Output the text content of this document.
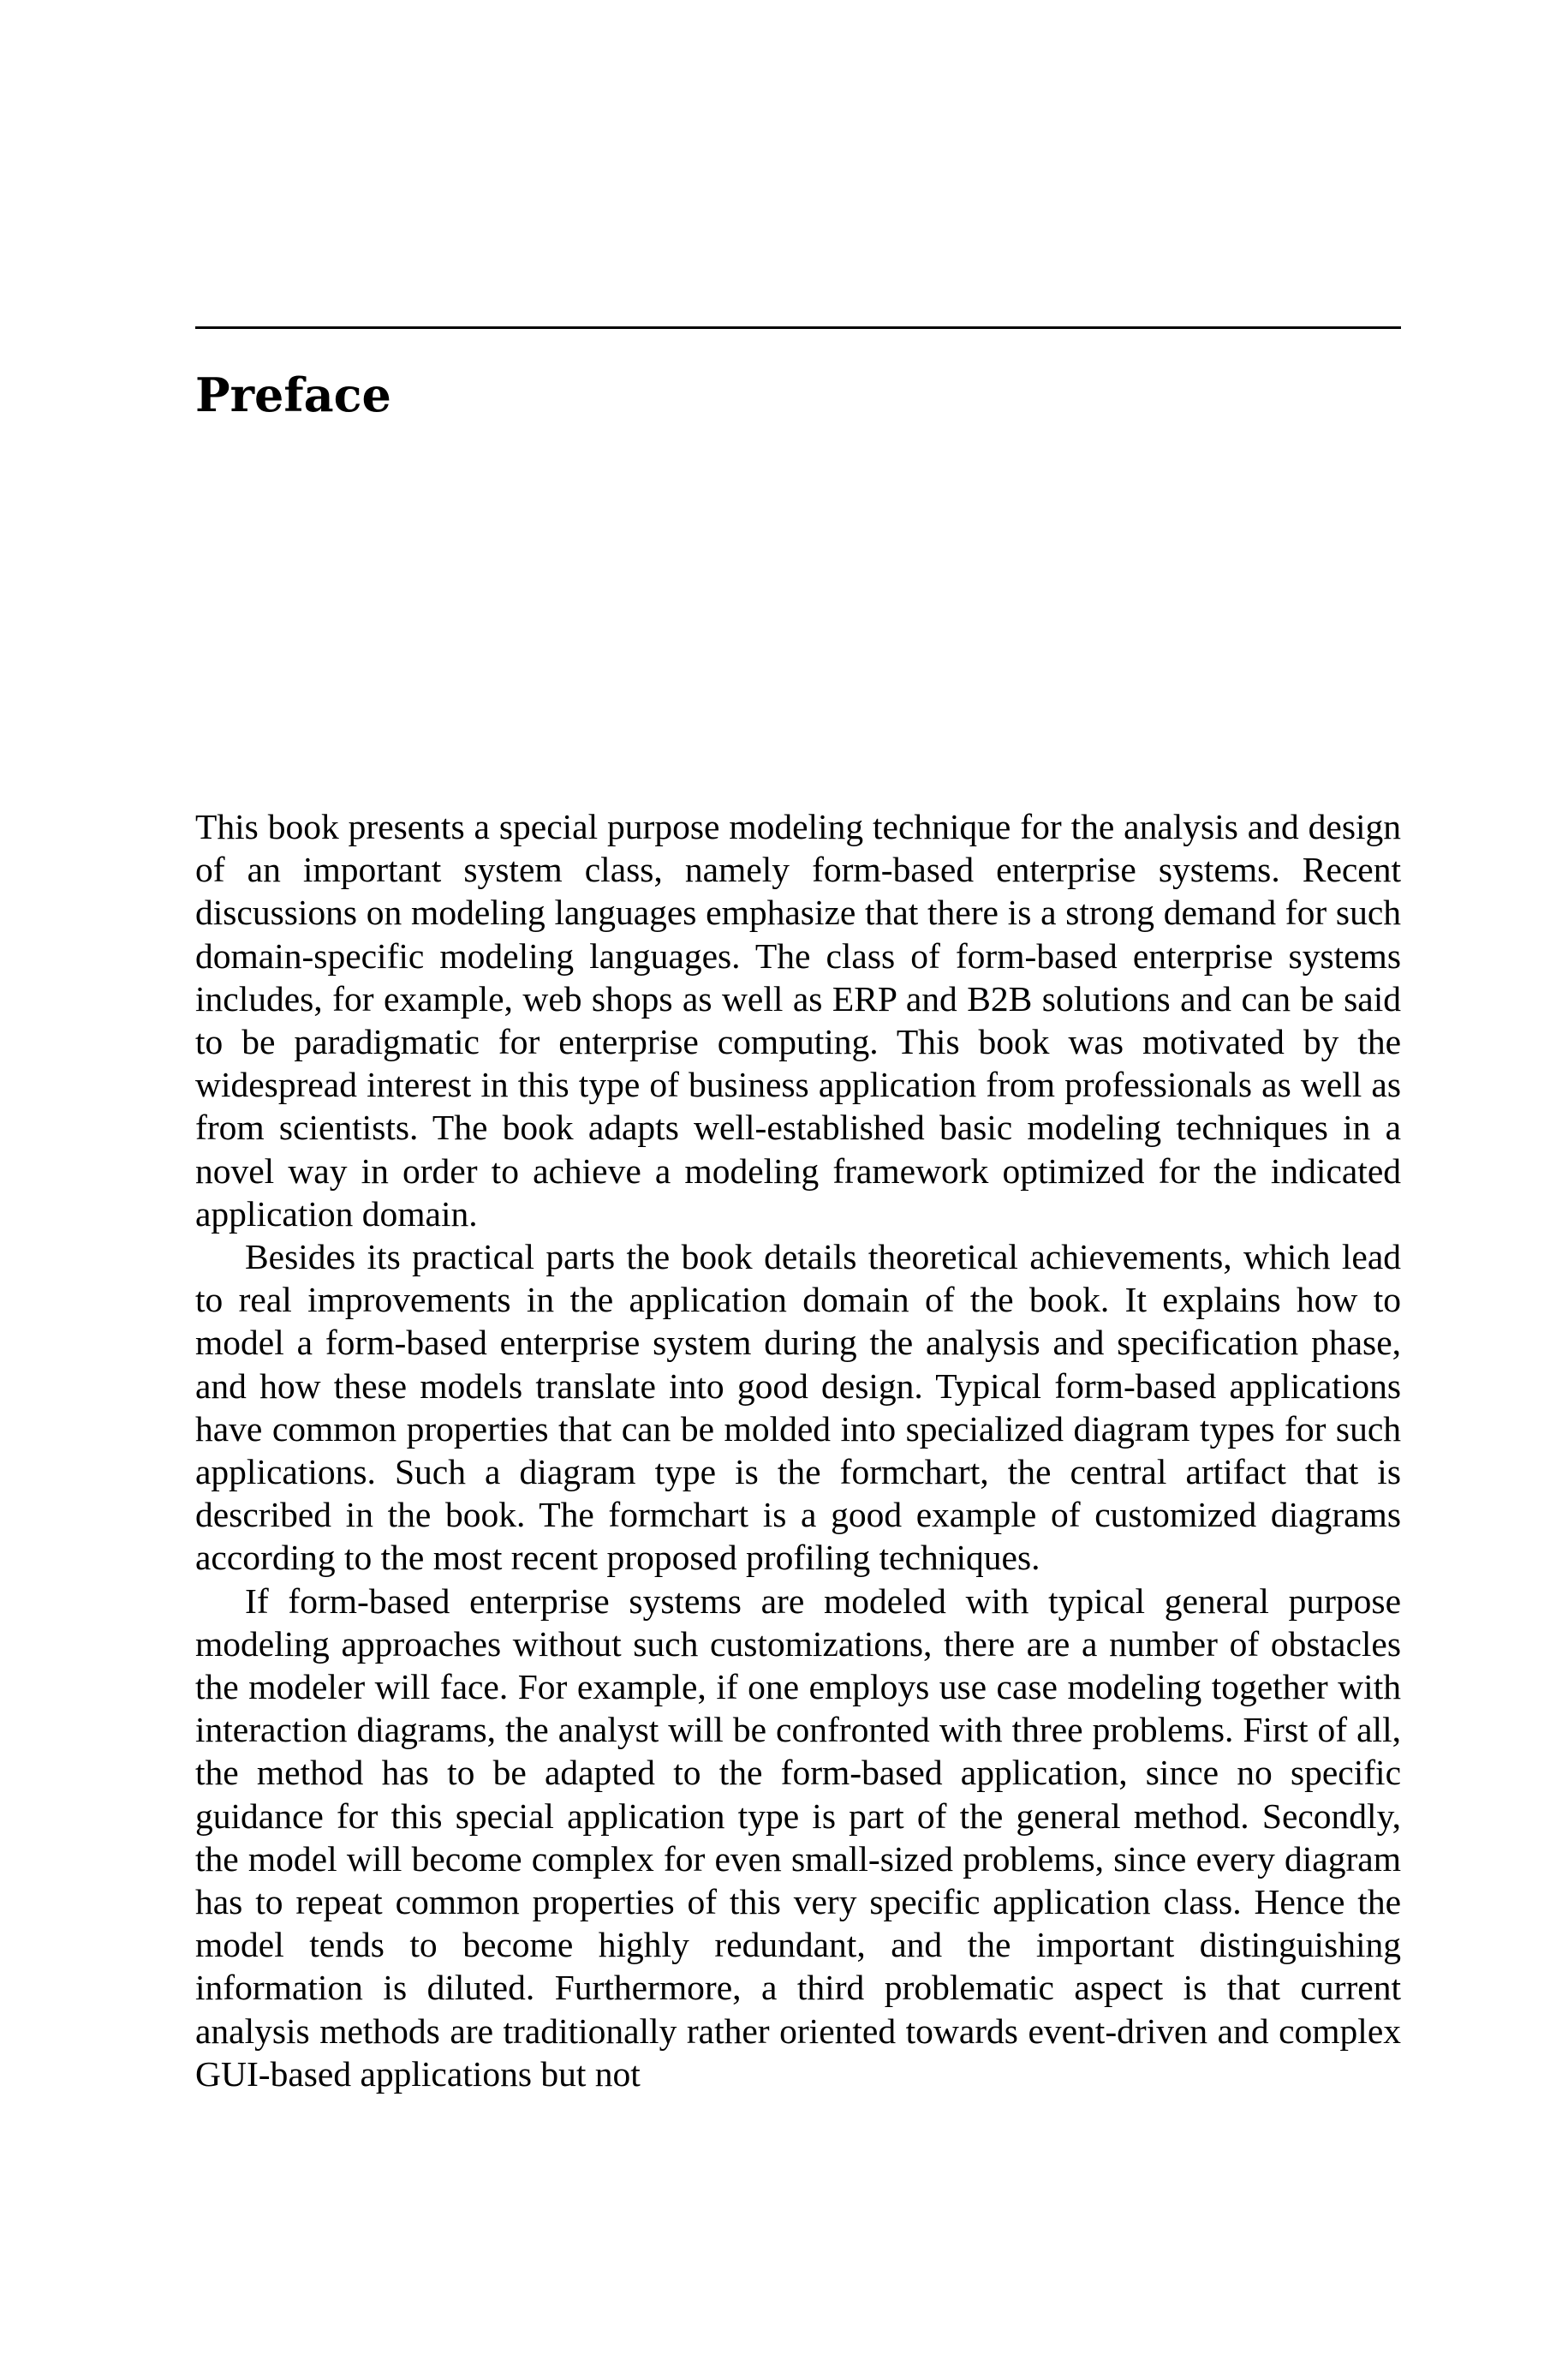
Preface

This book presents a special purpose modeling technique for the analysis and design of an important system class, namely form-based enterprise systems. Recent discussions on modeling languages emphasize that there is a strong demand for such domain-specific modeling languages. The class of form-based enterprise systems includes, for example, web shops as well as ERP and B2B solutions and can be said to be paradigmatic for enterprise computing. This book was motivated by the widespread interest in this type of business application from professionals as well as from scientists. The book adapts well-established basic modeling techniques in a novel way in order to achieve a modeling framework optimized for the indicated application domain.

Besides its practical parts the book details theoretical achievements, which lead to real improvements in the application domain of the book. It explains how to model a form-based enterprise system during the analysis and specification phase, and how these models translate into good design. Typical form-based applications have common properties that can be molded into specialized diagram types for such applications. Such a diagram type is the formchart, the central artifact that is described in the book. The formchart is a good example of customized diagrams according to the most recent proposed profiling techniques.

If form-based enterprise systems are modeled with typical general purpose modeling approaches without such customizations, there are a number of obstacles the modeler will face. For example, if one employs use case modeling together with interaction diagrams, the analyst will be confronted with three problems. First of all, the method has to be adapted to the form-based application, since no specific guidance for this special application type is part of the general method. Secondly, the model will become complex for even small-sized problems, since every diagram has to repeat common properties of this very specific application class. Hence the model tends to become highly redundant, and the important distinguishing information is diluted. Furthermore, a third problematic aspect is that current analysis methods are traditionally rather oriented towards event-driven and complex GUI-based applications but not
